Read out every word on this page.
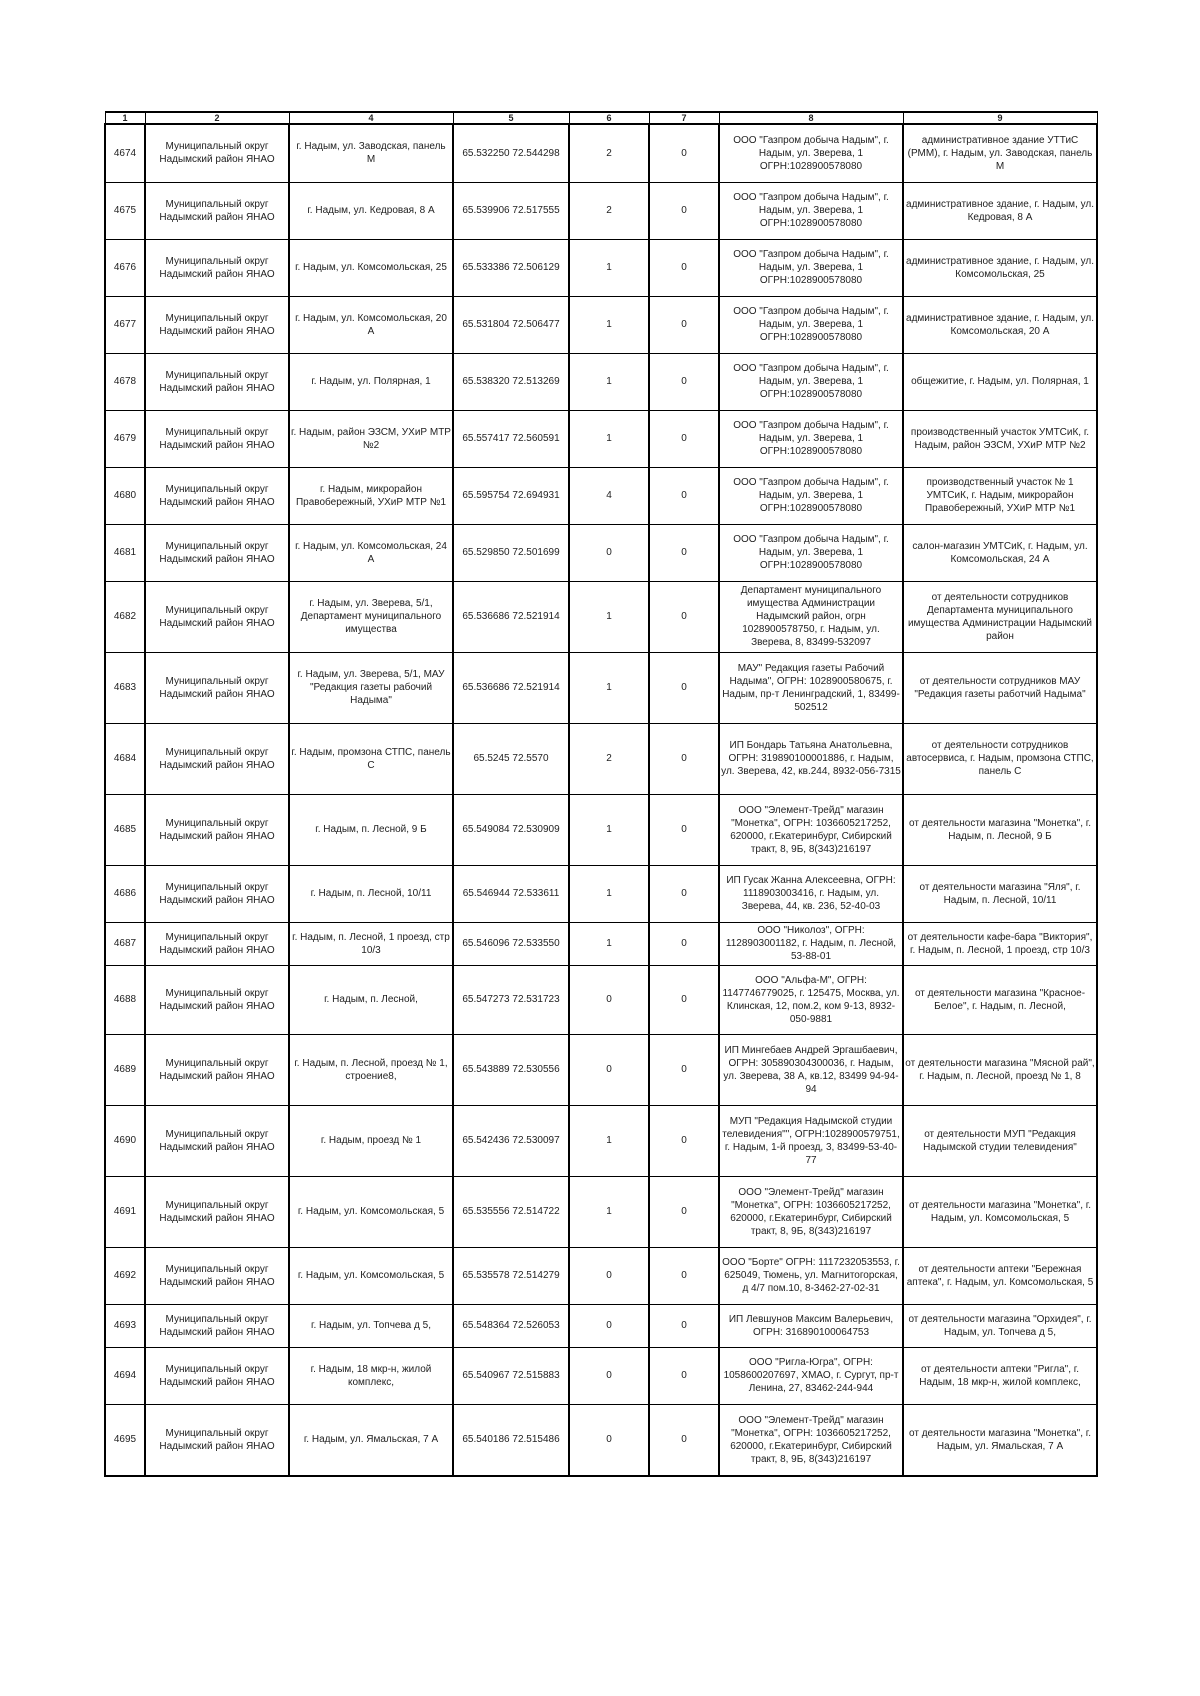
1	2	4	5	6	7	8	9
4674	Муниципальный округ Надымский район ЯНАО	г. Надым, ул. Заводская, панель М	65.532250 72.544298	2	0	ООО "Газпром добыча Надым", г. Надым, ул. Зверева, 1 ОГРН:1028900578080	административное здание УТТиС (РММ), г. Надым, ул. Заводская, панель М
4675	Муниципальный округ Надымский район ЯНАО	г. Надым, ул. Кедровая, 8 А	65.539906 72.517555	2	0	ООО "Газпром добыча Надым", г. Надым, ул. Зверева, 1 ОГРН:1028900578080	административное здание, г. Надым, ул. Кедровая, 8 А
4676	Муниципальный округ Надымский район ЯНАО	г. Надым, ул. Комсомольская, 25	65.533386 72.506129	1	0	ООО "Газпром добыча Надым", г. Надым, ул. Зверева, 1 ОГРН:1028900578080	административное здание, г. Надым, ул. Комсомольская, 25
4677	Муниципальный округ Надымский район ЯНАО	г. Надым, ул. Комсомольская, 20 А	65.531804 72.506477	1	0	ООО "Газпром добыча Надым", г. Надым, ул. Зверева, 1 ОГРН:1028900578080	административное здание, г. Надым, ул. Комсомольская, 20 А
4678	Муниципальный округ Надымский район ЯНАО	г. Надым, ул. Полярная, 1	65.538320 72.513269	1	0	ООО "Газпром добыча Надым", г. Надым, ул. Зверева, 1 ОГРН:1028900578080	общежитие, г. Надым, ул. Полярная, 1
4679	Муниципальный округ Надымский район ЯНАО	г. Надым, район ЭЗСМ, УХиР МТР №2	65.557417 72.560591	1	0	ООО "Газпром добыча Надым", г. Надым, ул. Зверева, 1 ОГРН:1028900578080	производственный участок УМТСиК, г. Надым, район ЭЗСМ, УХиР МТР №2
4680	Муниципальный округ Надымский район ЯНАО	г. Надым, микрорайон Правобережный, УХиР МТР №1	65.595754 72.694931	4	0	ООО "Газпром добыча Надым", г. Надым, ул. Зверева, 1 ОГРН:1028900578080	производственный участок № 1 УМТСиК, г. Надым, микрорайон Правобережный, УХиР МТР №1
4681	Муниципальный округ Надымский район ЯНАО	г. Надым, ул. Комсомольская, 24 А	65.529850 72.501699	0	0	ООО "Газпром добыча Надым", г. Надым, ул. Зверева, 1 ОГРН:1028900578080	салон-магазин УМТСиК, г. Надым, ул. Комсомольская, 24 А
4682	Муниципальный округ Надымский район ЯНАО	г. Надым, ул. Зверева, 5/1, Департамент муниципального имущества	65.536686 72.521914	1	0	Департамент муниципального имущества Администрации Надымский район, огрн 1028900578750, г. Надым, ул. Зверева, 8, 83499-532097	от деятельности сотрудников Департамента муниципального имущества Администрации Надымский район
4683	Муниципальный округ Надымский район ЯНАО	г. Надым, ул. Зверева, 5/1, МАУ "Редакция газеты рабочий Надыма"	65.536686 72.521914	1	0	МАУ" Редакция газеты Рабочий Надыма", ОГРН: 1028900580675, г. Надым, пр-т Ленинградский, 1, 83499-502512	от деятельности сотрудников МАУ "Редакция газеты работчий Надыма"
4684	Муниципальный округ Надымский район ЯНАО	г. Надым, промзона СТПС, панель С	65.5245 72.5570	2	0	ИП Бондарь Татьяна Анатольевна, ОГРН: 319890100001886, г. Надым, ул. Зверева, 42, кв.244, 8932-056-7315	от деятельности сотрудников автосервиса, г. Надым, промзона СТПС, панель С
4685	Муниципальный округ Надымский район ЯНАО	г. Надым, п. Лесной, 9 Б	65.549084 72.530909	1	0	ООО "Элемент-Трейд" магазин "Монетка", ОГРН: 1036605217252, 620000, г.Екатеринбург, Сибирский тракт, 8, 9Б, 8(343)216197	от деятельности магазина "Монетка", г. Надым, п. Лесной, 9 Б
4686	Муниципальный округ Надымский район ЯНАО	г. Надым, п. Лесной, 10/11	65.546944 72.533611	1	0	ИП Гусак Жанна Алексеевна, ОГРН: 1118903003416, г. Надым, ул. Зверева, 44, кв. 236, 52-40-03	от деятельности магазина "Яля", г. Надым, п. Лесной, 10/11
4687	Муниципальный округ Надымский район ЯНАО	г. Надым, п. Лесной, 1 проезд, стр 10/3	65.546096 72.533550	1	0	ООО "Николоз", ОГРН: 1128903001182, г. Надым, п. Лесной, 53-88-01	от деятельности кафе-бара "Виктория", г. Надым, п. Лесной, 1 проезд, стр 10/3
4688	Муниципальный округ Надымский район ЯНАО	г. Надым, п. Лесной,	65.547273 72.531723	0	0	ООО "Альфа-М", ОГРН: 1147746779025, г. 125475, Москва, ул. Клинская, 12, пом.2, ком 9-13, 8932-050-9881	от деятельности магазина "Красное-Белое", г. Надым, п. Лесной,
4689	Муниципальный округ Надымский район ЯНАО	г. Надым, п. Лесной, проезд № 1, строение8,	65.543889 72.530556	0	0	ИП Мингебаев Андрей Эргашбаевич, ОГРН: 305890304300036, г. Надым, ул. Зверева, 38 А, кв.12, 83499 94-94-94	от деятельности магазина "Мясной рай", г. Надым, п. Лесной, проезд № 1, 8
4690	Муниципальный округ Надымский район ЯНАО	г. Надым, проезд № 1	65.542436 72.530097	1	0	МУП "Редакция Надымской студии телевидения"", ОГРН:1028900579751, г. Надым, 1-й проезд, 3, 83499-53-40-77	от деятельности МУП "Редакция Надымской студии телевидения"
4691	Муниципальный округ Надымский район ЯНАО	г. Надым, ул. Комсомольская, 5	65.535556 72.514722	1	0	ООО "Элемент-Трейд" магазин "Монетка", ОГРН: 1036605217252, 620000, г.Екатеринбург, Сибирский тракт, 8, 9Б, 8(343)216197	от деятельности магазина "Монетка", г. Надым, ул. Комсомольская, 5
4692	Муниципальный округ Надымский район ЯНАО	г. Надым, ул. Комсомольская, 5	65.535578 72.514279	0	0	ООО "Борте" ОГРН: 1117232053553, г. 625049, Тюмень, ул. Магнитогорская, д 4/7 пом.10, 8-3462-27-02-31	от деятельности аптеки "Бережная аптека", г. Надым, ул. Комсомольская, 5
4693	Муниципальный округ Надымский район ЯНАО	г. Надым, ул. Топчева д 5,	65.548364 72.526053	0	0	ИП Левшунов Максим Валерьевич, ОГРН: 316890100064753	от деятельности магазина "Орхидея", г. Надым, ул. Топчева д 5,
4694	Муниципальный округ Надымский район ЯНАО	г. Надым, 18 мкр-н, жилой комплекс,	65.540967 72.515883	0	0	ООО "Ригла-Югра", ОГРН: 1058600207697, ХМАО, г. Сургут, пр-т Ленина, 27, 83462-244-944	от деятельности аптеки "Ригла", г. Надым, 18 мкр-н, жилой комплекс,
4695	Муниципальный округ Надымский район ЯНАО	г. Надым, ул. Ямальская, 7 А	65.540186 72.515486	0	0	ООО "Элемент-Трейд" магазин "Монетка", ОГРН: 1036605217252, 620000, г.Екатеринбург, Сибирский тракт, 8, 9Б, 8(343)216197	от деятельности магазина "Монетка", г. Надым, ул. Ямальская, 7 А
